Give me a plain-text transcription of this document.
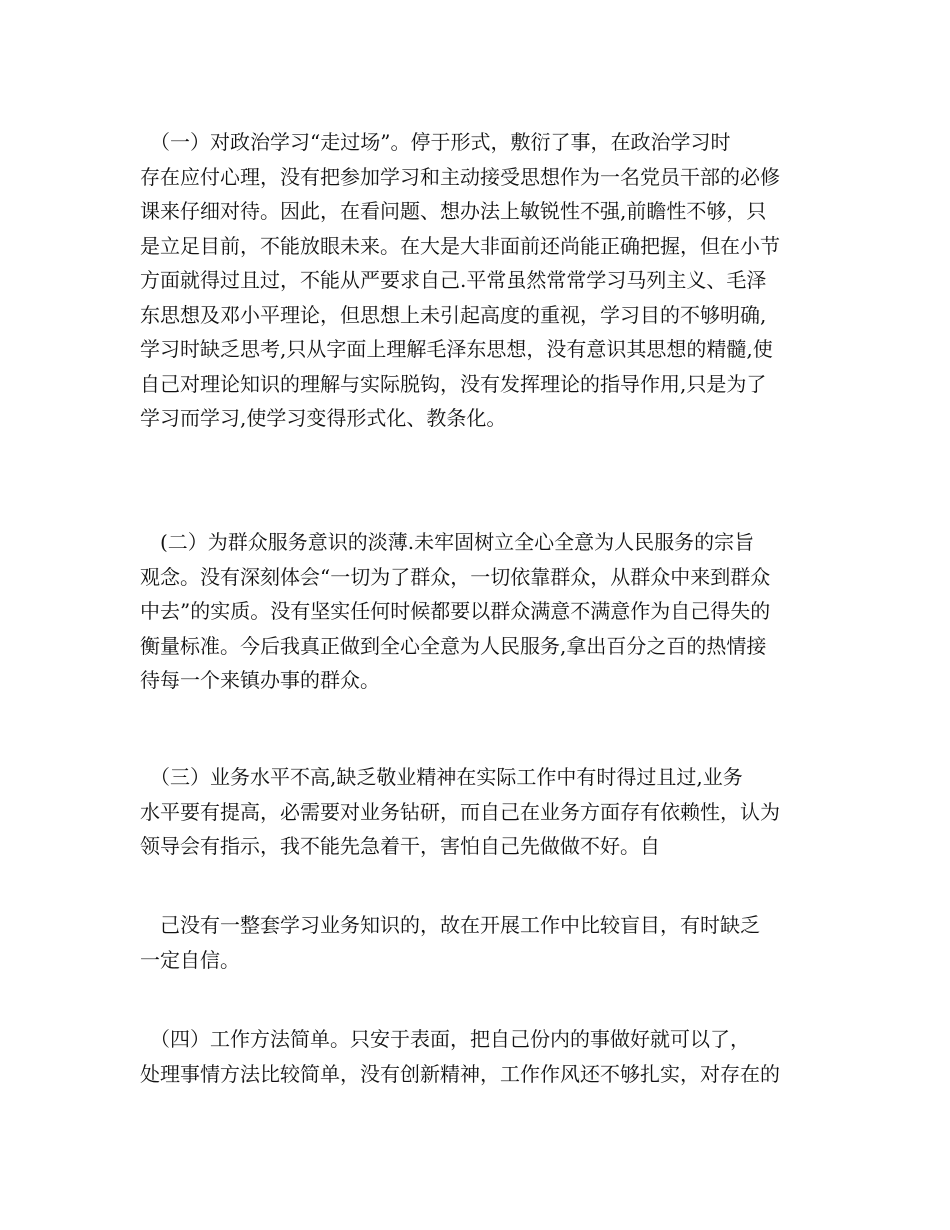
　（一）对政治学习“走过场”。停于形式，敷衍了事，在政治学习时
存在应付心理，没有把参加学习和主动接受思想作为一名党员干部的必修
课来仔细对待。因此，在看问题、想办法上敏锐性不强,前瞻性不够，只
是立足目前，不能放眼未来。在大是大非面前还尚能正确把握，但在小节
方面就得过且过，不能从严要求自己.平常虽然常常学习马列主义、毛泽
东思想及邓小平理论，但思想上未引起高度的重视，学习目的不够明确,
学习时缺乏思考,只从字面上理解毛泽东思想，没有意识其思想的精髓,使
自己对理论知识的理解与实际脱钩，没有发挥理论的指导作用,只是为了
学习而学习,使学习变得形式化、教条化。
　(二）为群众服务意识的淡薄.未牢固树立全心全意为人民服务的宗旨
观念。没有深刻体会“一切为了群众，一切依靠群众，从群众中来到群众
中去”的实质。没有坚实任何时候都要以群众满意不满意作为自己得失的
衡量标准。今后我真正做到全心全意为人民服务,拿出百分之百的热情接
待每一个来镇办事的群众。
　（三）业务水平不高,缺乏敬业精神在实际工作中有时得过且过,业务
水平要有提高，必需要对业务钻研，而自己在业务方面存有依赖性，认为
领导会有指示，我不能先急着干，害怕自己先做做不好。自
　己没有一整套学习业务知识的，故在开展工作中比较盲目，有时缺乏
一定自信。
　（四）工作方法简单。只安于表面，把自己份内的事做好就可以了，
处理事情方法比较简单，没有创新精神，工作作风还不够扎实，对存在的
